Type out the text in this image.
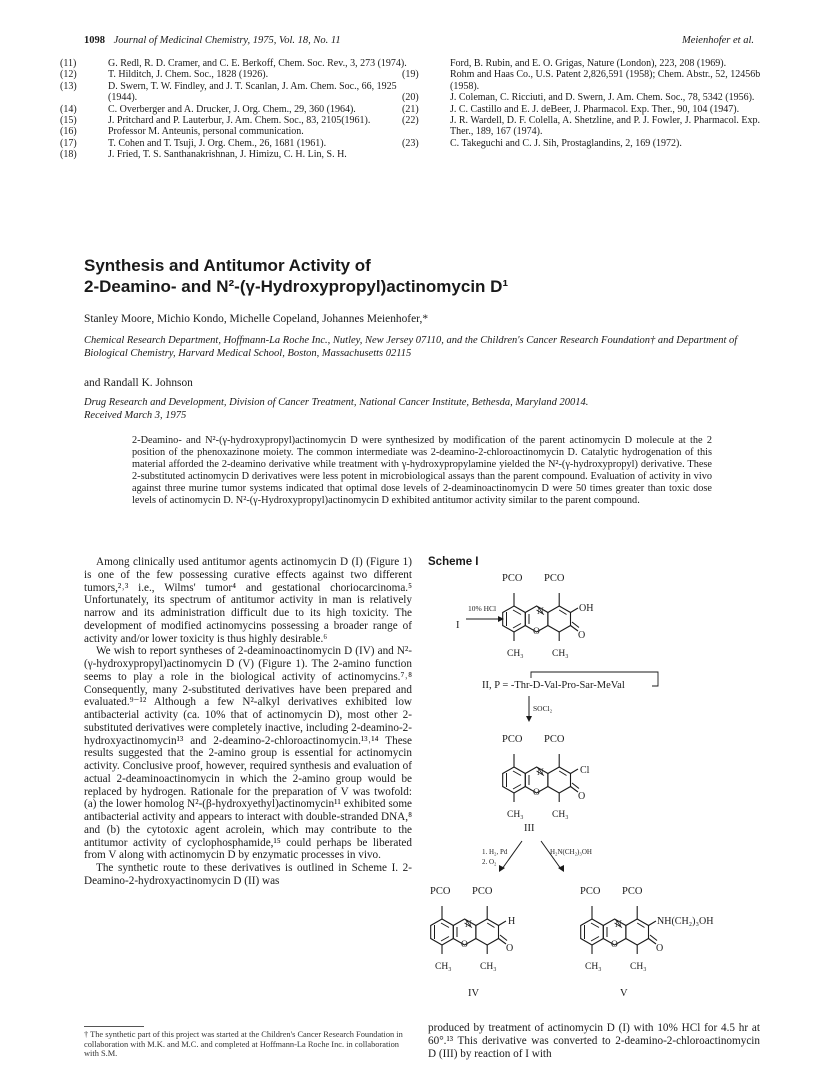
1098 Journal of Medicinal Chemistry, 1975, Vol. 18, No. 11	Meienhofer et al.

(11)	G. Redl, R. D. Cramer, and C. E. Berkoff, Chem. Soc. Rev., 3, 273 (1974).

(12)	T. Hilditch, J. Chem. Soc., 1828 (1926).

(13)	D. Swern, T. W. Findley, and J. T. Scanlan, J. Am. Chem. Soc., 66, 1925 (1944).

(14)	C. Overberger and A. Drucker, J. Org. Chem., 29, 360 (1964).

(15)	J. Pritchard and P. Lauterbur, J. Am. Chem. Soc., 83, 2105(1961).

(16)	Professor M. Anteunis, personal communication.

(17)	T. Cohen and T. Tsuji, J. Org. Chem., 26, 1681 (1961).

(18)	J. Fried, T. S. Santhanakrishnan, J. Himizu, C. H. Lin, S. H.

Ford, B. Rubin, and E. O. Grigas, Nature (London), 223, 208 (1969).

(19)	Rohm and Haas Co., U.S. Patent 2,826,591 (1958); Chem. Abstr., 52, 12456b (1958).

(20)	J. Coleman, C. Ricciuti, and D. Swern, J. Am. Chem. Soc., 78, 5342 (1956).

(21)	J. C. Castillo and E. J. deBeer, J. Pharmacol. Exp. Ther., 90, 104 (1947).

(22)	J. R. Wardell, D. F. Colella, A. Shetzline, and P. J. Fowler, J. Pharmacol. Exp. Ther., 189, 167 (1974).

(23)	C. Takeguchi and C. J. Sih, Prostaglandins, 2, 169 (1972).

Synthesis and Antitumor Activity of
2-Deamino- and N²-(γ-Hydroxypropyl)actinomycin D¹
Stanley Moore, Michio Kondo, Michelle Copeland, Johannes Meienhofer,*
Chemical Research Department, Hoffmann-La Roche Inc., Nutley, New Jersey 07110, and the Children's Cancer Research Foundation† and Department of Biological Chemistry, Harvard Medical School, Boston, Massachusetts 02115
and Randall K. Johnson
Drug Research and Development, Division of Cancer Treatment, National Cancer Institute, Bethesda, Maryland 20014.
Received March 3, 1975
2-Deamino- and N²-(γ-hydroxypropyl)actinomycin D were synthesized by modification of the parent actinomycin D molecule at the 2 position of the phenoxazinone moiety. The common intermediate was 2-deamino-2-chloroactinomycin D. Catalytic hydrogenation of this material afforded the 2-deamino derivative while treatment with γ-hydroxypropylamine yielded the N²-(γ-hydroxypropyl) derivative. These 2-substituted actinomycin D derivatives were less potent in microbiological assays than the parent compound. Evaluation of activity in vivo against three murine tumor systems indicated that optimal dose levels of 2-deaminoactinomycin D were 50 times greater than toxic dose levels of actinomycin D. N²-(γ-Hydroxypropyl)actinomycin D exhibited antitumor activity similar to the parent compound.

Among clinically used antitumor agents actinomycin D (I) (Figure 1) is one of the few possessing curative effects against two different tumors,²˒³ i.e., Wilms' tumor⁴ and gestational choriocarcinoma.⁵ Unfortunately, its spectrum of antitumor activity in man is relatively narrow and its administration difficult due to its high toxicity. The development of modified actinomycins possessing a broader range of activity and/or lower toxicity is thus highly desirable.⁶

We wish to report syntheses of 2-deaminoactinomycin D (IV) and N²-(γ-hydroxypropyl)actinomycin D (V) (Figure 1). The 2-amino function seems to play a role in the biological activity of actinomycins.⁷˒⁸ Consequently, many 2-substituted derivatives have been prepared and evaluated.⁹⁻¹² Although a few N²-alkyl derivatives exhibited low antibacterial activity (ca. 10% that of actinomycin D), most other 2-substituted derivatives were completely inactive, including 2-deamino-2-hydroxyactinomycin¹³ and 2-deamino-2-chloroactinomycin.¹³˒¹⁴ These results suggested that the 2-amino group is essential for actinomycin activity. Conclusive proof, however, required synthesis and evaluation of actual 2-deaminoactinomycin in which the 2-amino group would be replaced by hydrogen. Rationale for the preparation of V was twofold: (a) the lower homolog N²-(β-hydroxyethyl)actinomycin¹¹ exhibited some antibacterial activity and appears to interact with double-stranded DNA,⁸ and (b) the cytotoxic agent acrolein, which may contribute to the antitumor activity of cyclophosphamide,¹⁵ could perhaps be liberated from V along with actinomycin D by enzymatic processes in vivo.

The synthetic route to these derivatives is outlined in Scheme I. 2-Deamino-2-hydroxyactinomycin D (II) was

† The synthetic part of this project was started at the Children's Cancer Research Foundation in collaboration with M.K. and M.C. and completed at Hoffmann-La Roche Inc. in collaboration with S.M.
Scheme I
PCO PCO
N
O
OH
O
CH₃	CH₃
I
10% HCl
II, P = -Thr-D-Val-Pro-Sar-MeVal
SOCl₂
PCO PCO
N
O
Cl
O
CH₃	CH₃
III
1. H₂, Pd
2. O₂
H₂N(CH₂)₃OH
PCO PCO
N
O
H
O
CH₃	CH₃
IV
PCO PCO
N
O
NH(CH₂)₃OH
O
CH₃	CH₃
V
produced by treatment of actinomycin D (I) with 10% HCl for 4.5 hr at 60°.¹³ This derivative was converted to 2-deamino-2-chloroactinomycin D (III) by reaction of I with
